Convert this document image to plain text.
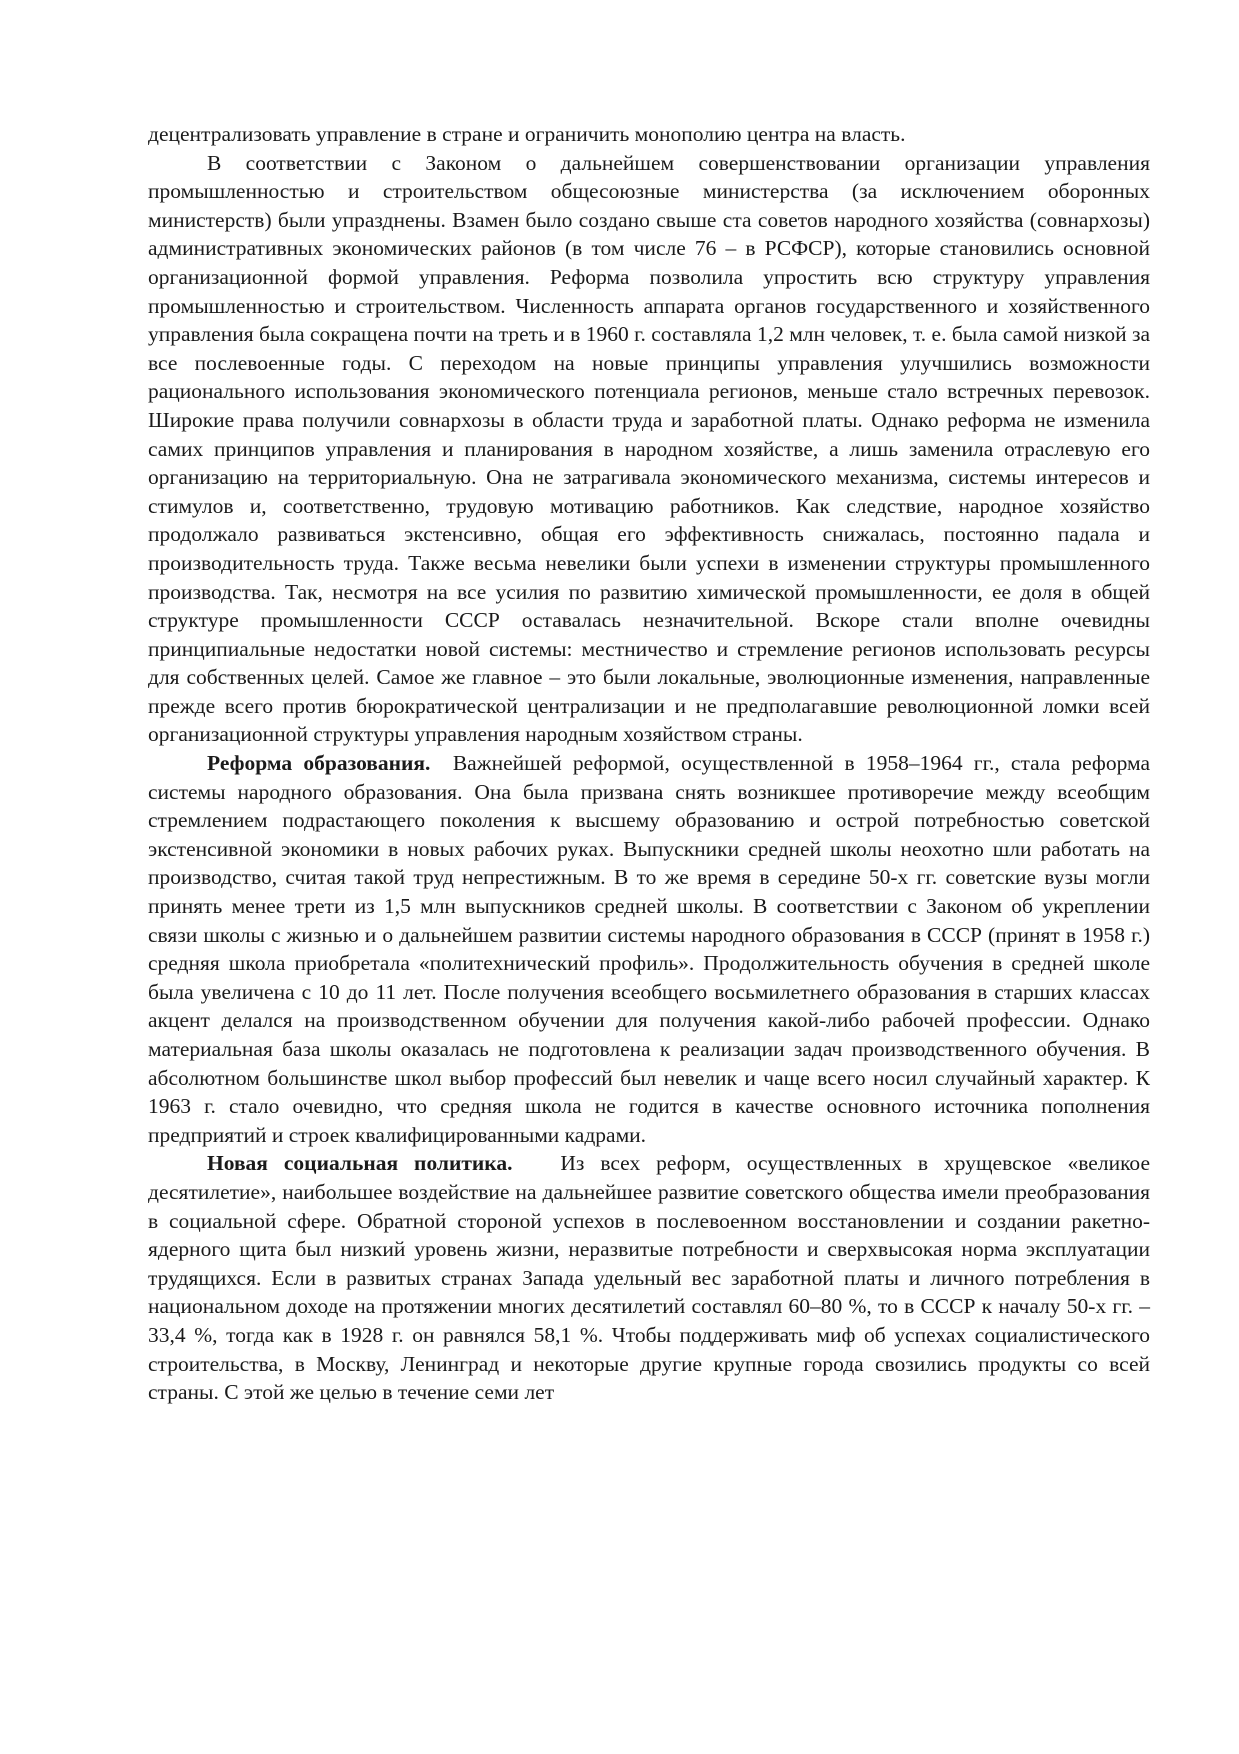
децентрализовать управление в стране и ограничить монополию центра на власть.

В соответствии с Законом о дальнейшем совершенствовании организации управления промышленностью и строительством общесоюзные министерства (за исключением оборонных министерств) были упразднены. Взамен было создано свыше ста советов народного хозяйства (совнархозы) административных экономических районов (в том числе 76 – в РСФСР), которые становились основной организационной формой управления. Реформа позволила упростить всю структуру управления промышленностью и строительством. Численность аппарата органов государственного и хозяйственного управления была сокращена почти на треть и в 1960 г. составляла 1,2 млн человек, т. е. была самой низкой за все послевоенные годы. С переходом на новые принципы управления улучшились возможности рационального использования экономического потенциала регионов, меньше стало встречных перевозок. Широкие права получили совнархозы в области труда и заработной платы. Однако реформа не изменила самих принципов управления и планирования в народном хозяйстве, а лишь заменила отраслевую его организацию на территориальную. Она не затрагивала экономического механизма, системы интересов и стимулов и, соответственно, трудовую мотивацию работников. Как следствие, народное хозяйство продолжало развиваться экстенсивно, общая его эффективность снижалась, постоянно падала и производительность труда. Также весьма невелики были успехи в изменении структуры промышленного производства. Так, несмотря на все усилия по развитию химической промышленности, ее доля в общей структуре промышленности СССР оставалась незначительной. Вскоре стали вполне очевидны принципиальные недостатки новой системы: местничество и стремление регионов использовать ресурсы для собственных целей. Самое же главное – это были локальные, эволюционные изменения, направленные прежде всего против бюрократической централизации и не предполагавшие революционной ломки всей организационной структуры управления народным хозяйством страны.

Реформа образования. Важнейшей реформой, осуществленной в 1958–1964 гг., стала реформа системы народного образования. Она была призвана снять возникшее противоречие между всеобщим стремлением подрастающего поколения к высшему образованию и острой потребностью советской экстенсивной экономики в новых рабочих руках. Выпускники средней школы неохотно шли работать на производство, считая такой труд непрестижным. В то же время в середине 50-х гг. советские вузы могли принять менее трети из 1,5 млн выпускников средней школы. В соответствии с Законом об укреплении связи школы с жизнью и о дальнейшем развитии системы народного образования в СССР (принят в 1958 г.) средняя школа приобретала «политехнический профиль». Продолжительность обучения в средней школе была увеличена с 10 до 11 лет. После получения всеобщего восьмилетнего образования в старших классах акцент делался на производственном обучении для получения какой-либо рабочей профессии. Однако материальная база школы оказалась не подготовлена к реализации задач производственного обучения. В абсолютном большинстве школ выбор профессий был невелик и чаще всего носил случайный характер. К 1963 г. стало очевидно, что средняя школа не годится в качестве основного источника пополнения предприятий и строек квалифицированными кадрами.

Новая социальная политика. Из всех реформ, осуществленных в хрущевское «великое десятилетие», наибольшее воздействие на дальнейшее развитие советского общества имели преобразования в социальной сфере. Обратной стороной успехов в послевоенном восстановлении и создании ракетно-ядерного щита был низкий уровень жизни, неразвитые потребности и сверхвысокая норма эксплуатации трудящихся. Если в развитых странах Запада удельный вес заработной платы и личного потребления в национальном доходе на протяжении многих десятилетий составлял 60–80 %, то в СССР к началу 50-х гг. – 33,4 %, тогда как в 1928 г. он равнялся 58,1 %. Чтобы поддерживать миф об успехах социалистического строительства, в Москву, Ленинград и некоторые другие крупные города свозились продукты со всей страны. С этой же целью в течение семи лет
